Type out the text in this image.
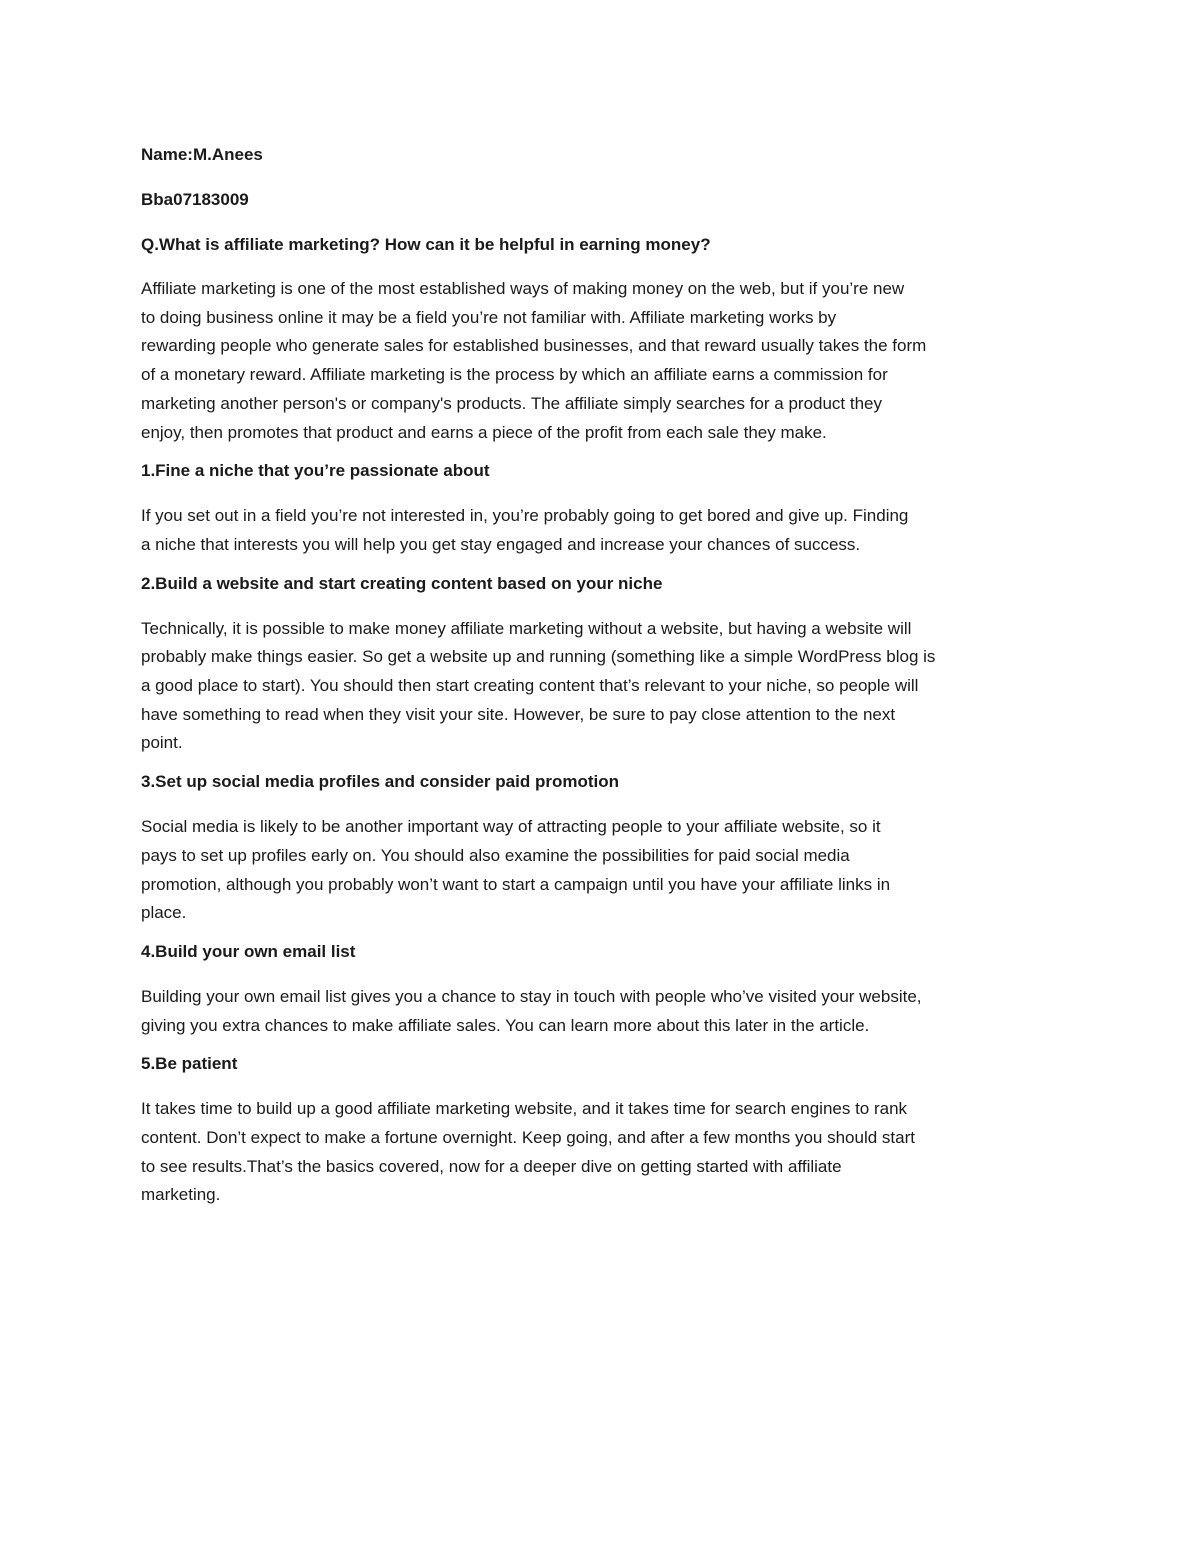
Name:M.Anees
Bba07183009
Q.What is affiliate marketing? How can it be helpful in earning money?
Affiliate marketing is one of the most established ways of making money on the web, but if you’re new
to doing business online it may be a field you’re not familiar with. Affiliate marketing works by
rewarding people who generate sales for established businesses, and that reward usually takes the form
of a monetary reward. Affiliate marketing is the process by which an affiliate earns a commission for
marketing another person's or company's products. The affiliate simply searches for a product they
enjoy, then promotes that product and earns a piece of the profit from each sale they make.
1.Fine a niche that you’re passionate about
If you set out in a field you’re not interested in, you’re probably going to get bored and give up. Finding
a niche that interests you will help you get stay engaged and increase your chances of success.
2.Build a website and start creating content based on your niche
Technically, it is possible to make money affiliate marketing without a website, but having a website will
probably make things easier. So get a website up and running (something like a simple WordPress blog is
a good place to start). You should then start creating content that’s relevant to your niche, so people will
have something to read when they visit your site. However, be sure to pay close attention to the next
point.
3.Set up social media profiles and consider paid promotion
Social media is likely to be another important way of attracting people to your affiliate website, so it
pays to set up profiles early on. You should also examine the possibilities for paid social media
promotion, although you probably won’t want to start a campaign until you have your affiliate links in
place.
4.Build your own email list
Building your own email list gives you a chance to stay in touch with people who’ve visited your website,
giving you extra chances to make affiliate sales. You can learn more about this later in the article.
5.Be patient
It takes time to build up a good affiliate marketing website, and it takes time for search engines to rank
content. Don’t expect to make a fortune overnight. Keep going, and after a few months you should start
to see results.That’s the basics covered, now for a deeper dive on getting started with affiliate
marketing.
